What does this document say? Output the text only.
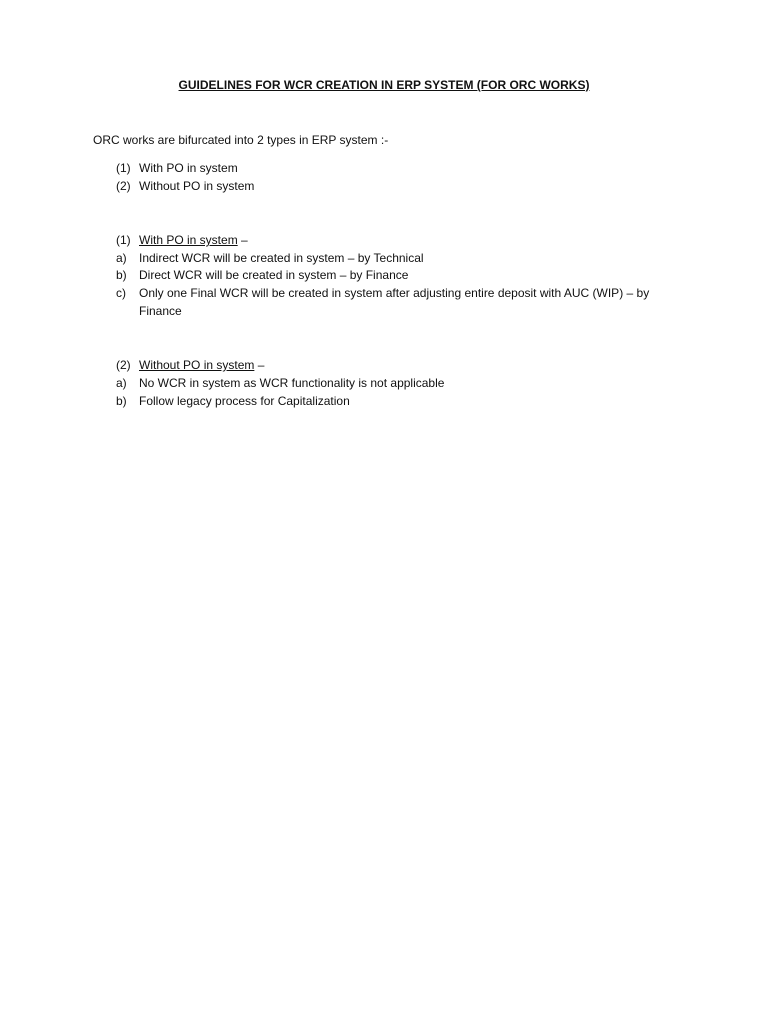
GUIDELINES FOR WCR CREATION IN ERP SYSTEM (FOR ORC WORKS)
ORC works are bifurcated into 2 types in ERP system :-
(1) With PO in system
(2) Without PO in system
(1) With PO in system –
a) Indirect WCR will be created in system – by Technical
b) Direct WCR will be created in system – by Finance
c) Only one Final WCR will be created in system after adjusting entire deposit with AUC (WIP) – by Finance
(2) Without PO in system –
a) No WCR in system as WCR functionality is not applicable
b) Follow legacy process for Capitalization
